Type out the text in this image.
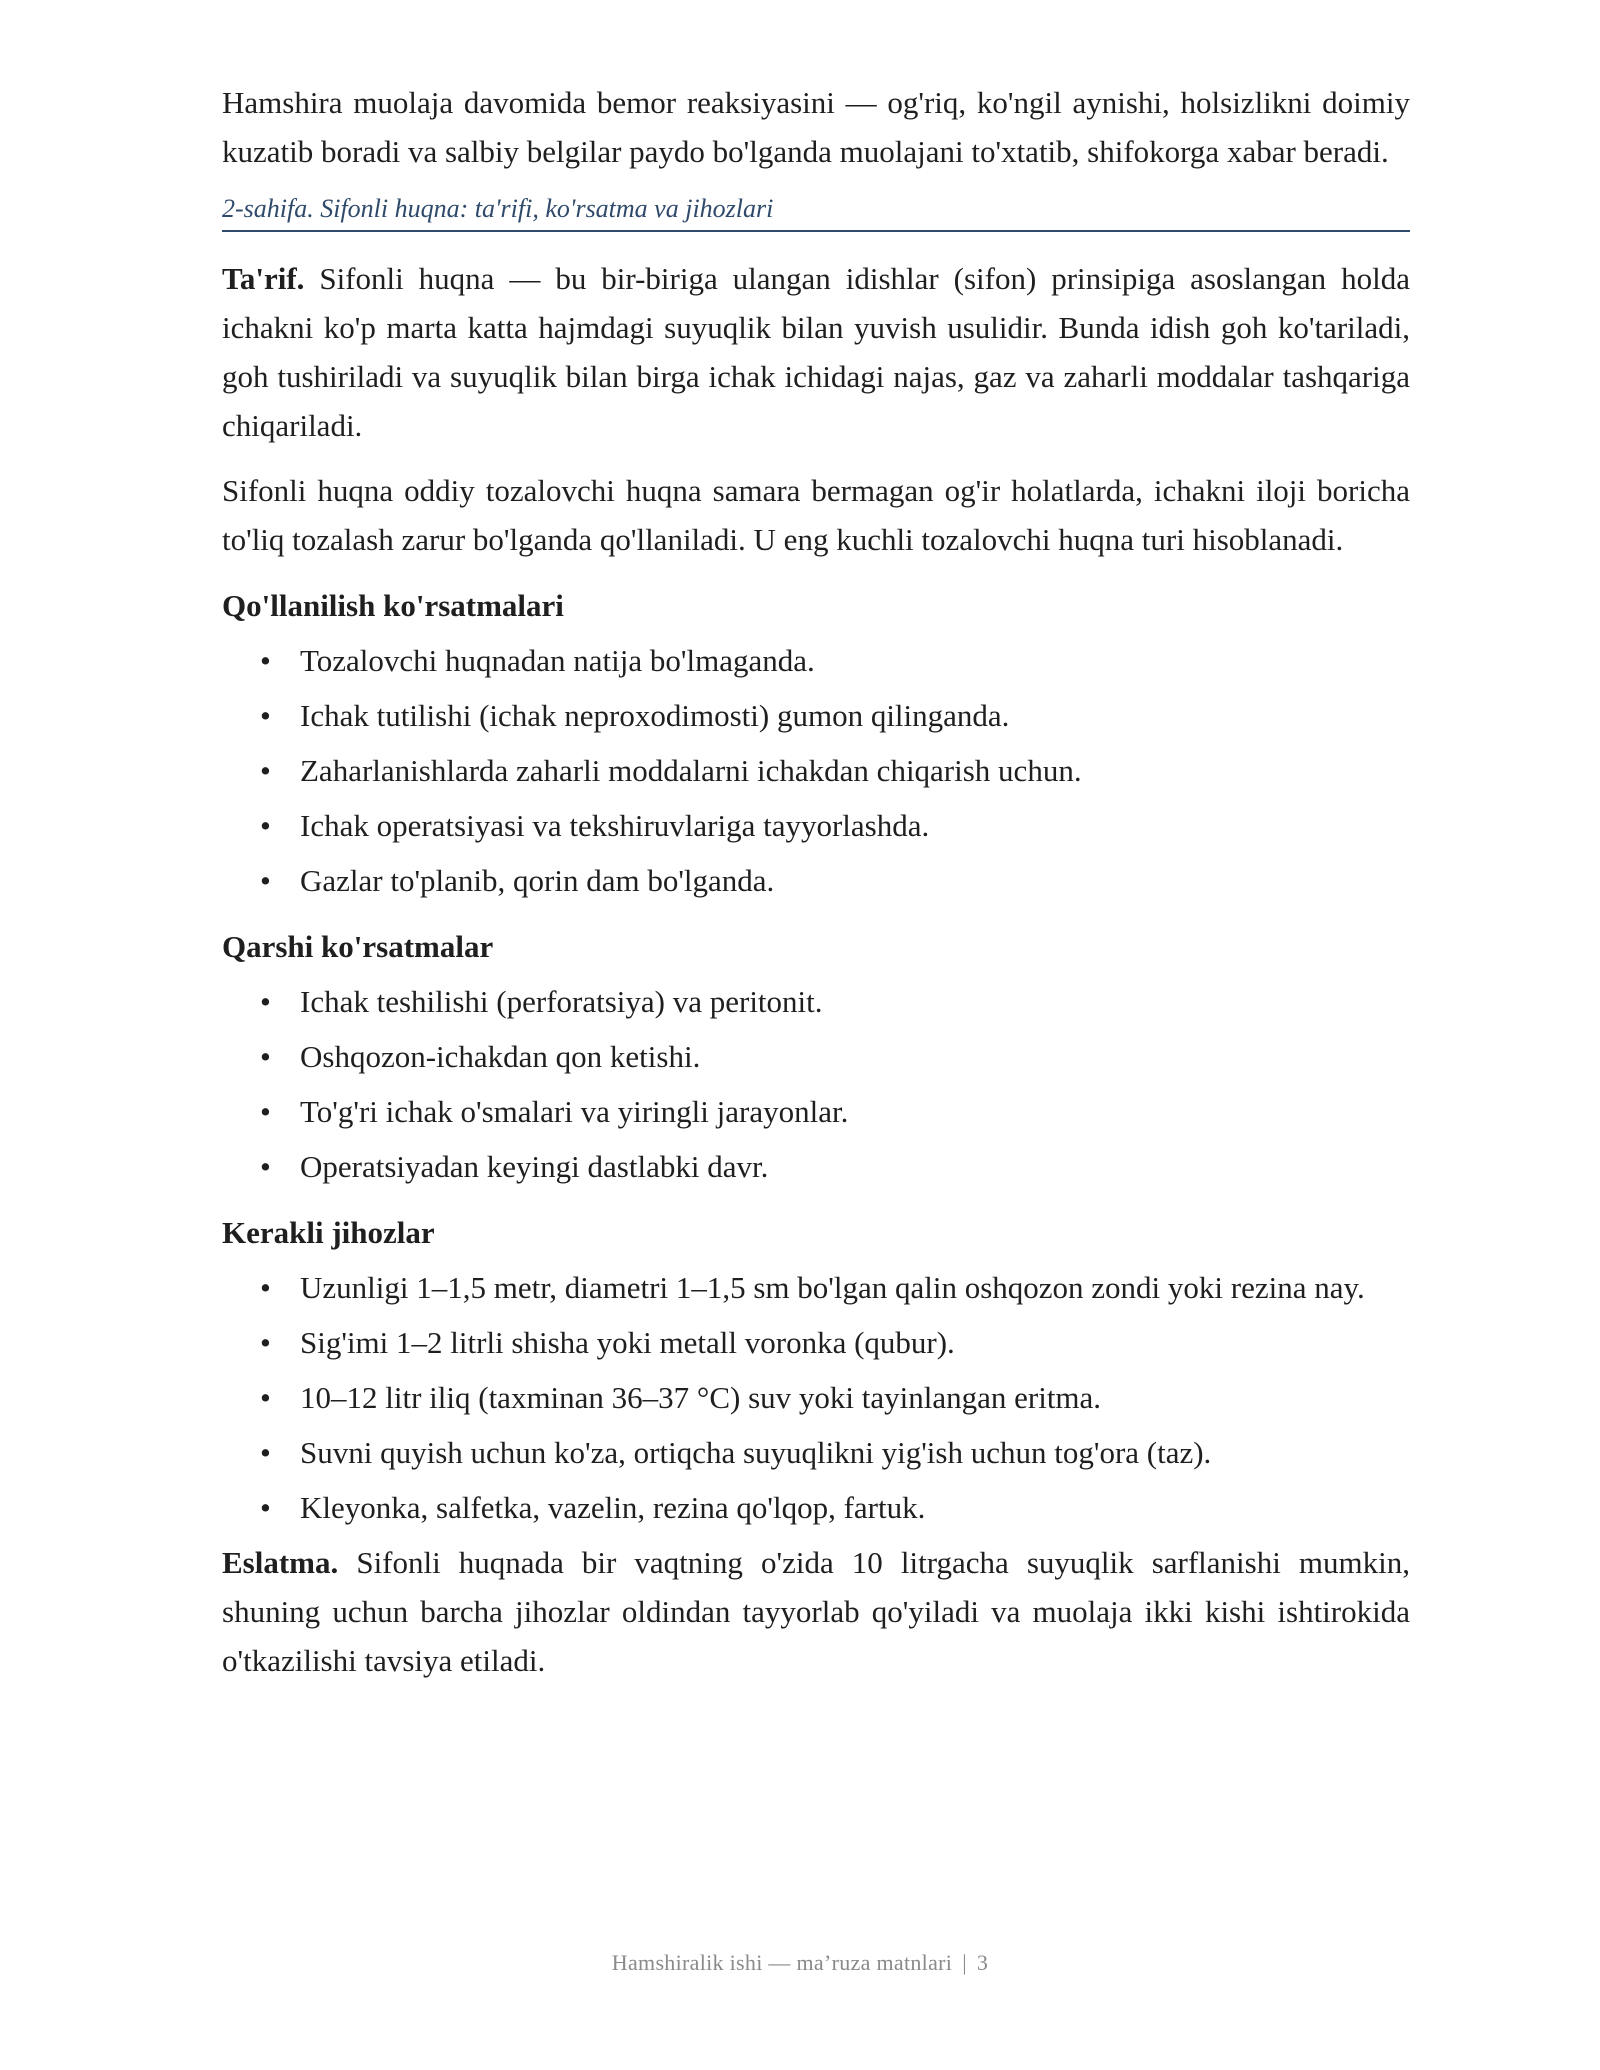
Hamshira muolaja davomida bemor reaksiyasini — og'riq, ko'ngil aynishi, holsizlikni doimiy kuzatib boradi va salbiy belgilar paydo bo'lganda muolajani to'xtatib, shifokorga xabar beradi.

2-sahifa. Sifonli huqna: ta'rifi, ko'rsatma va jihozlari

Ta'rif. Sifonli huqna — bu bir-biriga ulangan idishlar (sifon) prinsipiga asoslangan holda ichakni ko'p marta katta hajmdagi suyuqlik bilan yuvish usulidir. Bunda idish goh ko'tariladi, goh tushiriladi va suyuqlik bilan birga ichak ichidagi najas, gaz va zaharli moddalar tashqariga chiqariladi.

Sifonli huqna oddiy tozalovchi huqna samara bermagan og'ir holatlarda, ichakni iloji boricha to'liq tozalash zarur bo'lganda qo'llaniladi. U eng kuchli tozalovchi huqna turi hisoblanadi.

Qo'llanilish ko'rsatmalari
• Tozalovchi huqnadan natija bo'lmaganda.
• Ichak tutilishi (ichak neproxodimosti) gumon qilinganda.
• Zaharlanishlarda zaharli moddalarni ichakdan chiqarish uchun.
• Ichak operatsiyasi va tekshiruvlariga tayyorlashda.
• Gazlar to'planib, qorin dam bo'lganda.
Qarshi ko'rsatmalar
• Ichak teshilishi (perforatsiya) va peritonit.
• Oshqozon-ichakdan qon ketishi.
• To'g'ri ichak o'smalari va yiringli jarayonlar.
• Operatsiyadan keyingi dastlabki davr.
Kerakli jihozlar
• Uzunligi 1–1,5 metr, diametri 1–1,5 sm bo'lgan qalin oshqozon zondi yoki rezina nay.
• Sig'imi 1–2 litrli shisha yoki metall voronka (qubur).
• 10–12 litr iliq (taxminan 36–37 °C) suv yoki tayinlangan eritma.
• Suvni quyish uchun ko'za, ortiqcha suyuqlikni yig'ish uchun tog'ora (taz).
• Kleyonka, salfetka, vazelin, rezina qo'lqop, fartuk.

Eslatma. Sifonli huqnada bir vaqtning o'zida 10 litrgacha suyuqlik sarflanishi mumkin, shuning uchun barcha jihozlar oldindan tayyorlab qo'yiladi va muolaja ikki kishi ishtirokida o'tkazilishi tavsiya etiladi.

Hamshiralik ishi — ma’ruza matnlari | 3
